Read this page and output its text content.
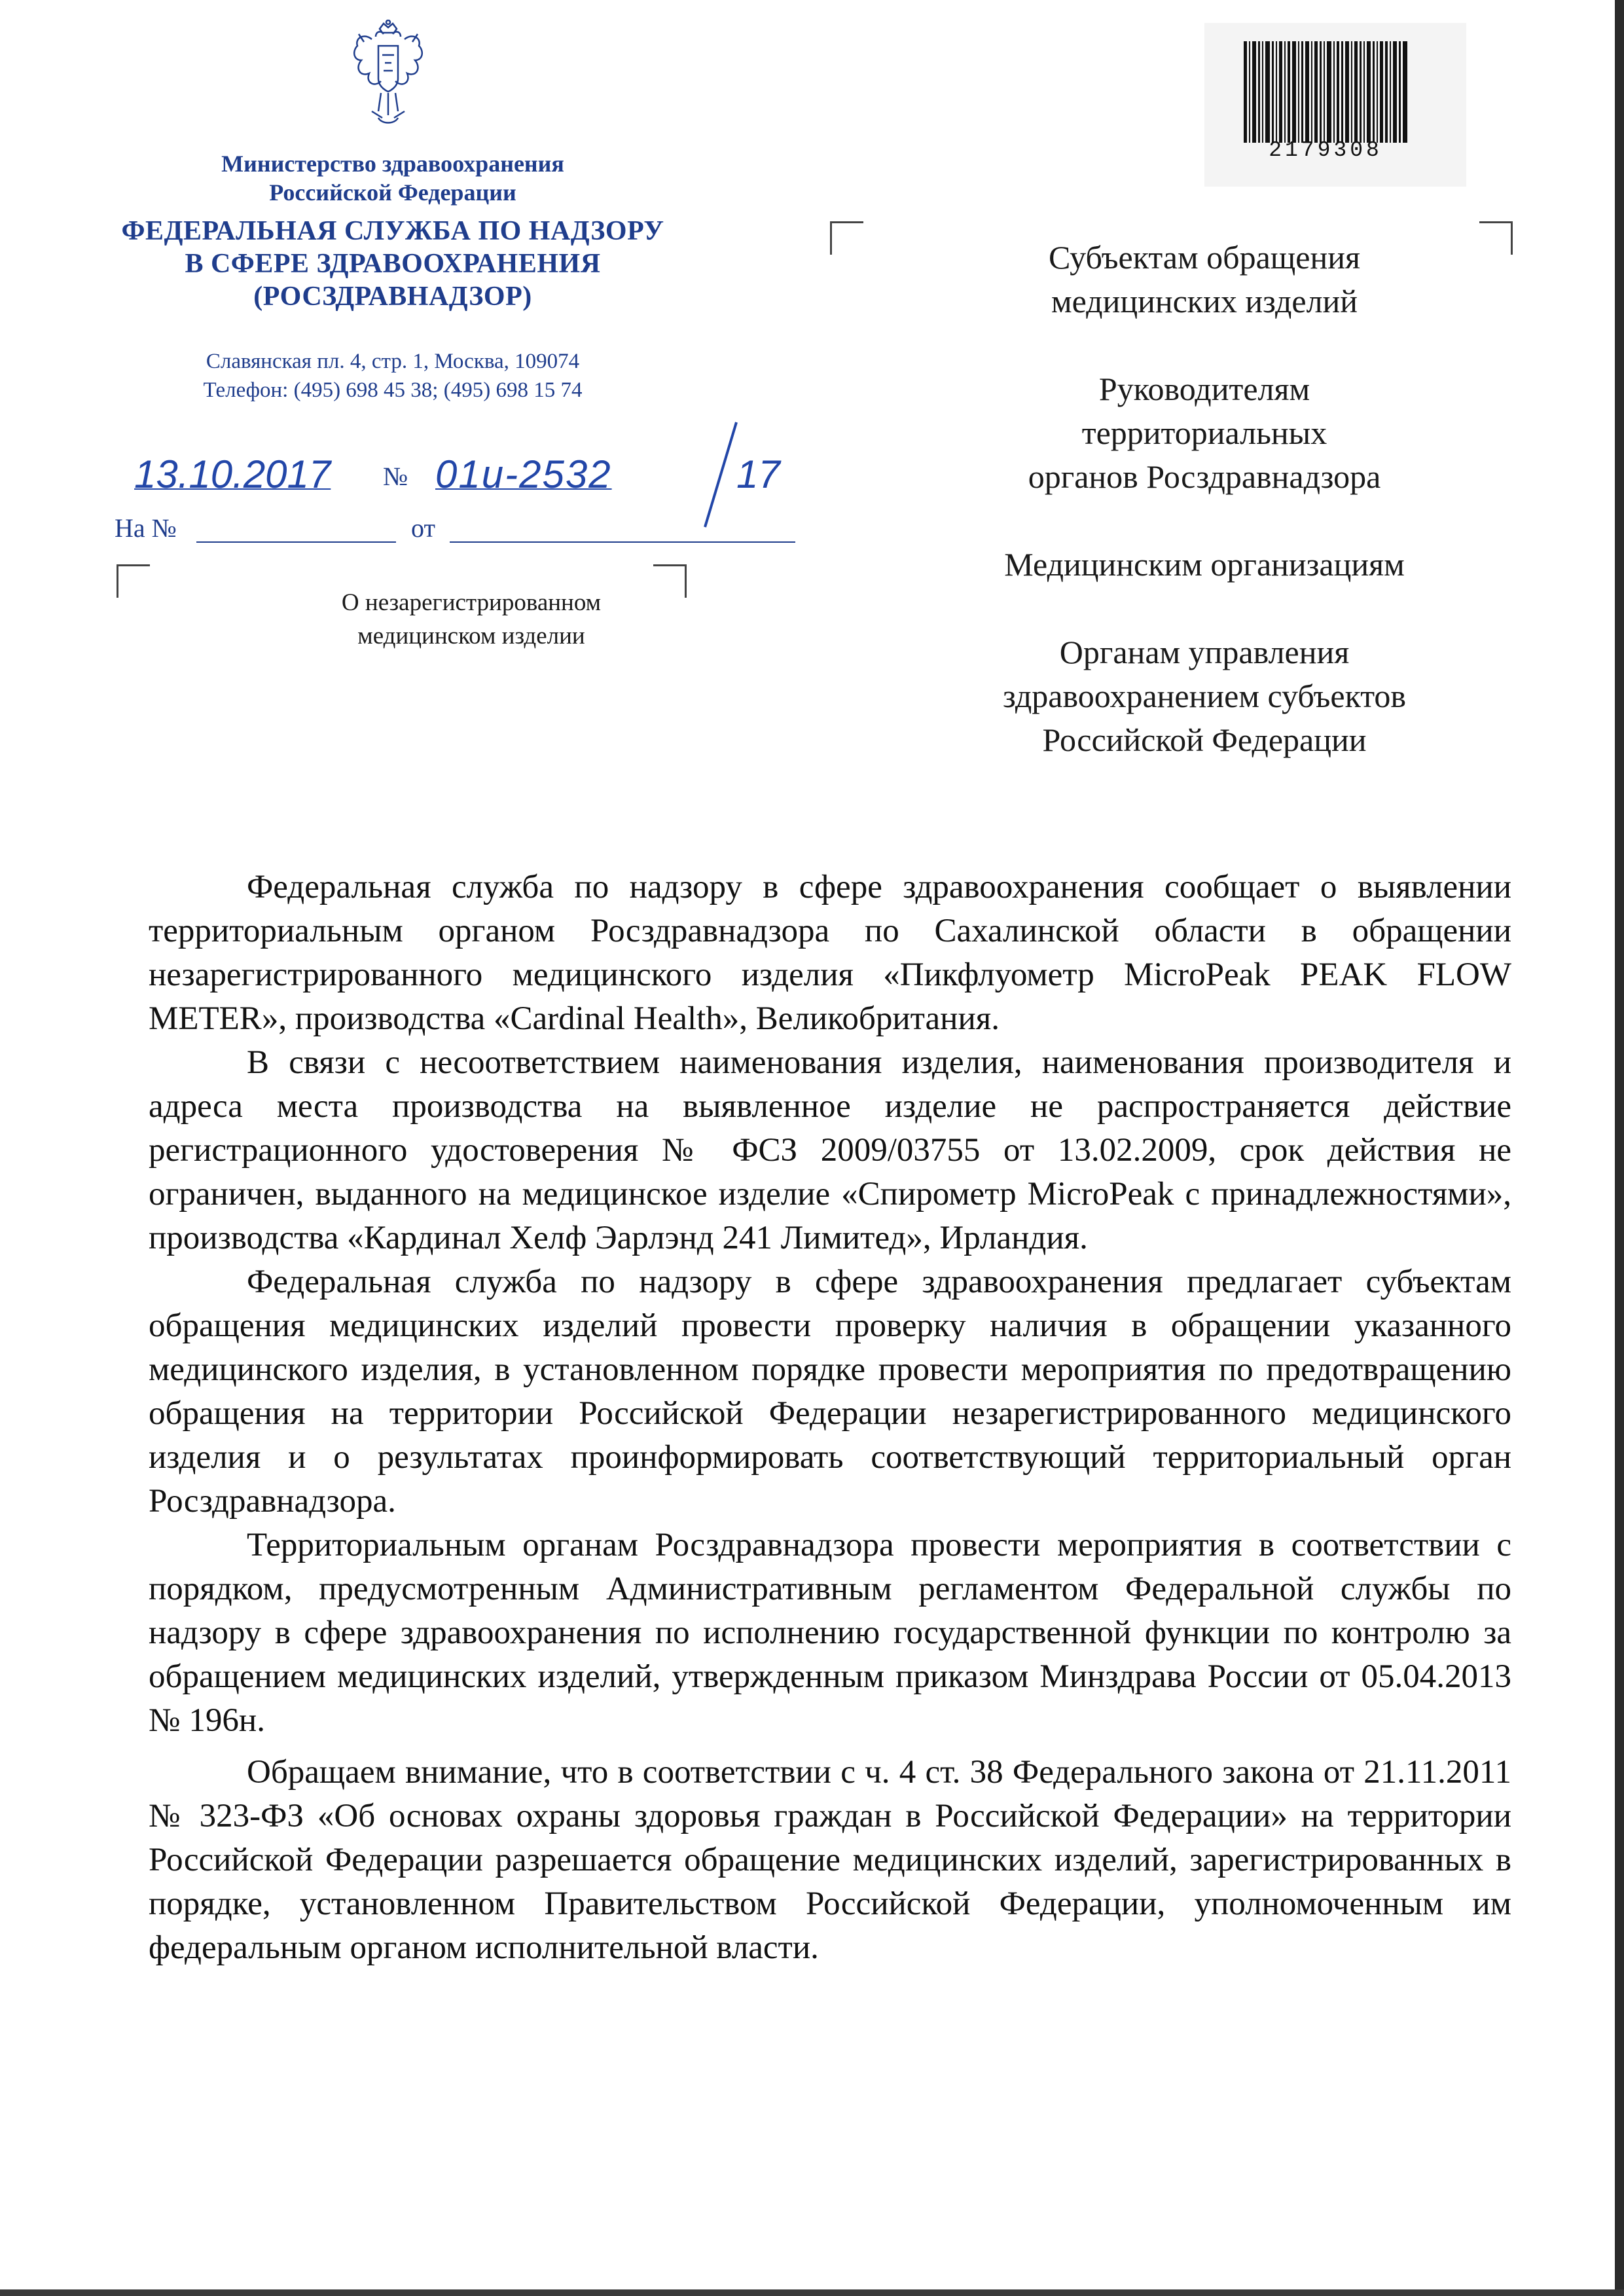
Министерство здравоохранения
Российской Федерации
ФЕДЕРАЛЬНАЯ СЛУЖБА ПО НАДЗОРУ
В СФЕРЕ ЗДРАВООХРАНЕНИЯ
(РОСЗДРАВНАДЗОР)
Славянская пл. 4, стр. 1, Москва, 109074
Телефон: (495) 698 45 38; (495) 698 15 74
13.10.2017 № 01и-2532	17
На №	от
О незарегистрированном
медицинском изделии
2179308
Субъектам обращения
медицинских изделий
Руководителям
территориальных
органов Росздравнадзора
Медицинским организациям
Органам управления
здравоохранением субъектов
Российской Федерации

Федеральная служба по надзору в сфере здравоохранения сообщает о выявлении территориальным органом Росздравнадзора по Сахалинской области в обращении незарегистрированного медицинского изделия «Пикфлуометр MicroPeak PEAK FLOW METER», производства «Cardinal Health», Великобритания.

В связи с несоответствием наименования изделия, наименования производителя и адреса места производства на выявленное изделие не распространяется действие регистрационного удостоверения № ФСЗ 2009/03755 от 13.02.2009, срок действия не ограничен, выданного на медицинское изделие «Спирометр MicroPeak с принадлежностями», производства «Кардинал Хелф Эарлэнд 241 Лимитед», Ирландия.

Федеральная служба по надзору в сфере здравоохранения предлагает субъектам обращения медицинских изделий провести проверку наличия в обращении указанного медицинского изделия, в установленном порядке провести мероприятия по предотвращению обращения на территории Российской Федерации незарегистрированного медицинского изделия и о результатах проинформировать соответствующий территориальный орган Росздравнадзора.

Территориальным органам Росздравнадзора провести мероприятия в соответствии с порядком, предусмотренным Административным регламентом Федеральной службы по надзору в сфере здравоохранения по исполнению государственной функции по контролю за обращением медицинских изделий, утвержденным приказом Минздрава России от 05.04.2013 № 196н.

Обращаем внимание, что в соответствии с ч. 4 ст. 38 Федерального закона от 21.11.2011 № 323-ФЗ «Об основах охраны здоровья граждан в Российской Федерации» на территории Российской Федерации разрешается обращение медицинских изделий, зарегистрированных в порядке, установленном Правительством Российской Федерации, уполномоченным им федеральным органом исполнительной власти.
